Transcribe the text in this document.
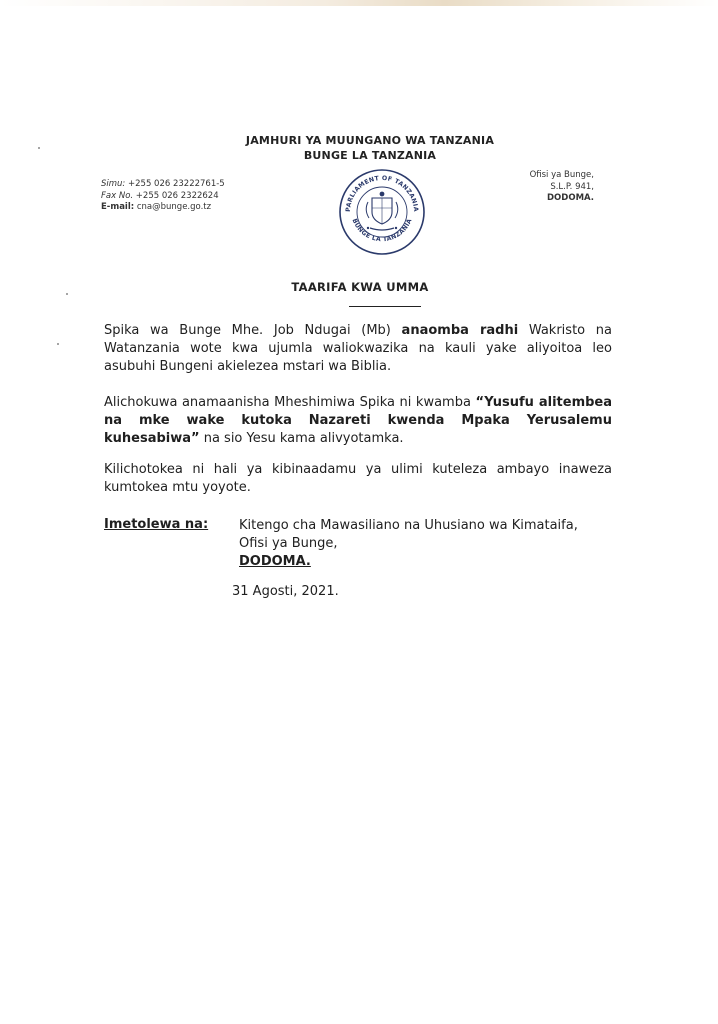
JAMHURI YA MUUNGANO WA TANZANIA
BUNGE LA TANZANIA
Simu: +255 026 23222761-5
Fax No. +255 026 2322624
E-mail: cna@bunge.go.tz	PARLIAMENT OF TANZANIA
BUNGE LA TANZANIA
Ofisi ya Bunge,
S.L.P. 941,
DODOMA.
TAARIFA KWA UMMA
Spika wa Bunge Mhe. Job Ndugai (Mb) anaomba radhi Wakristo na Watanzania wote kwa ujumla waliokwazika na kauli yake aliyoitoa leo asubuhi Bungeni akielezea mstari wa Biblia.
Alichokuwa anamaanisha Mheshimiwa Spika ni kwamba “Yusufu alitembea na mke wake kutoka Nazareti kwenda Mpaka Yerusalemu kuhesabiwa” na sio Yesu kama alivyotamka.
Kilichotokea ni hali ya kibinaadamu ya ulimi kuteleza ambayo inaweza kumtokea mtu yoyote.
Imetolewa na: Kitengo cha Mawasiliano na Uhusiano wa Kimataifa,
Ofisi ya Bunge,
DODOMA.
31 Agosti, 2021.
